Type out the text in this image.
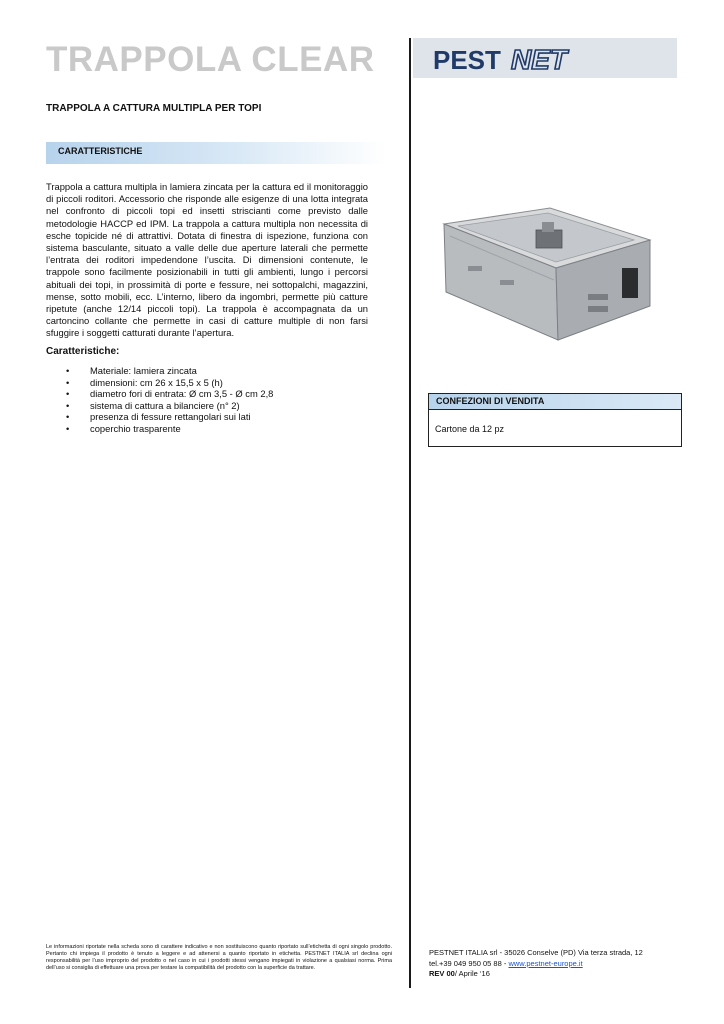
TRAPPOLA CLEAR PEST NET
TRAPPOLA A CATTURA MULTIPLA PER TOPI
CARATTERISTICHE
Trappola a cattura multipla in lamiera zincata per la cattura ed il monitoraggio di piccoli roditori. Accessorio che risponde alle esigenze di una lotta integrata nel confronto di piccoli topi ed insetti striscianti come previsto dalle metodologie HACCP ed IPM. La trappola a cattura multipla non necessita di esche topicide né di attrattivi. Dotata di finestra di ispezione, funziona con sistema basculante, situato a valle delle due aperture laterali che permette l’entrata dei roditori impedendone l’uscita. Di dimensioni contenute, le trappole sono facilmente posizionabili in tutti gli ambienti, lungo i percorsi abituali dei topi, in prossimità di porte e fessure, nei sottopalchi, magazzini, mense, sotto mobili, ecc. L’interno, libero da ingombri, permette più catture ripetute (anche 12/14 piccoli topi). La trappola è accompagnata da un cartoncino collante che permette in casi di catture multiple di non farsi sfuggire i soggetti catturati durante l’apertura.
Caratteristiche:
• Materiale: lamiera zincata
• dimensioni: cm 26 x 15,5 x 5 (h)
• diametro fori di entrata: Ø cm 3,5 - Ø cm 2,8
• sistema di cattura a bilanciere (n° 2)
• presenza di fessure rettangolari sui lati
• coperchio trasparente
CONFEZIONI DI VENDITA
Cartone da 12 pz
Le informazioni riportate nella scheda sono di carattere indicativo e non sostituiscono quanto riportato sull’etichetta di ogni singolo prodotto. Pertanto chi impiega il prodotto è tenuto a leggere e ad attenersi a quanto riportato in etichetta. PESTNET ITALIA srl declina ogni responsabilità per l’uso improprio del prodotto o nel caso in cui i prodotti stessi vengano impiegati in violazione a qualsiasi norma. Prima dell’uso si consiglia di effettuare una prova per testare la compatibilità del prodotto con la superficie da trattare.
PESTNET ITALIA srl - 35026 Conselve (PD) Via terza strada, 12
tel.+39 049 950 05 88 - www.pestnet-europe.it
REV 00/ Aprile ‘16
